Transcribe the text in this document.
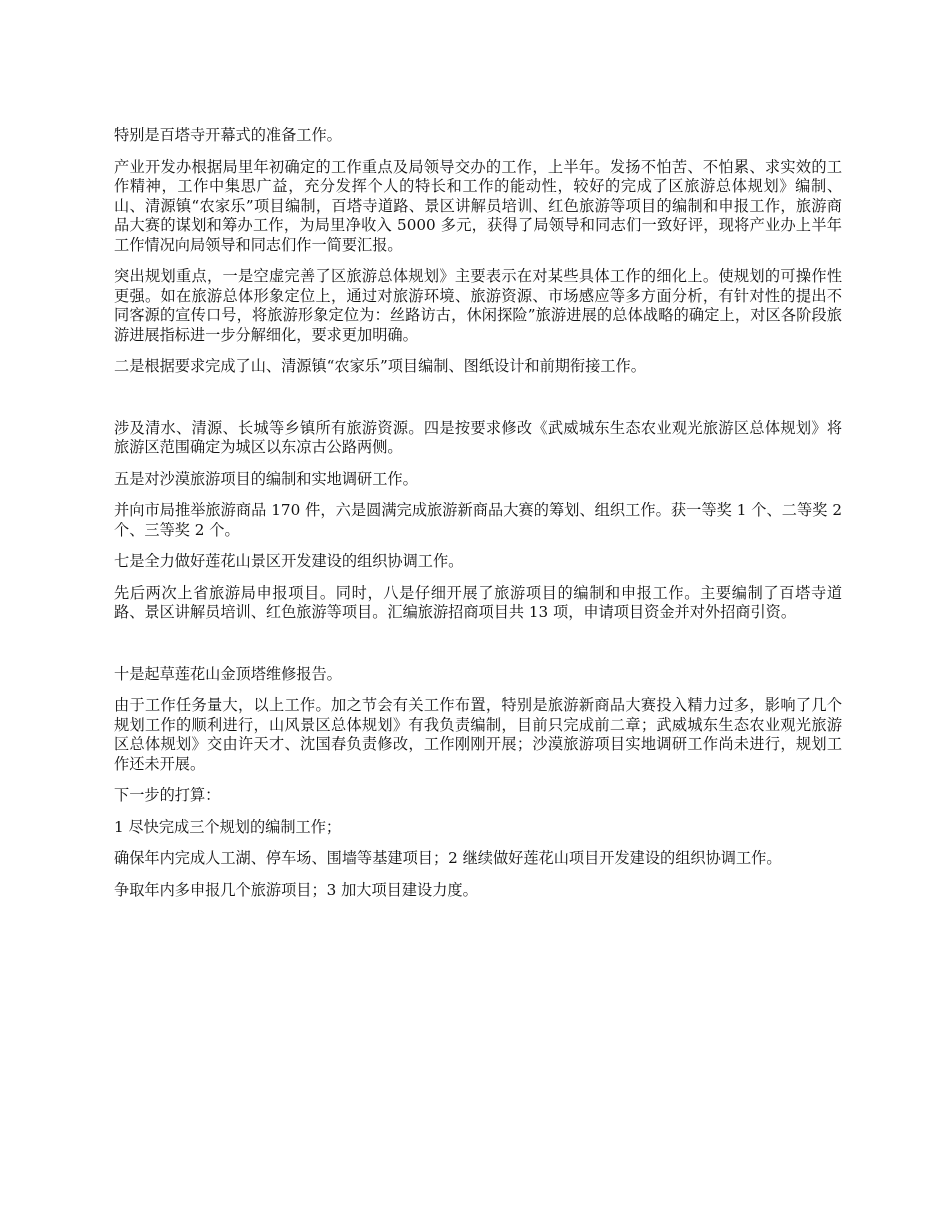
特别是百塔寺开幕式的准备工作。

产业开发办根据局里年初确定的工作重点及局领导交办的工作，上半年。发扬不怕苦、不怕累、求实效的工作精神，工作中集思广益，充分发挥个人的特长和工作的能动性，较好的完成了区旅游总体规划》编制、山、清源镇“农家乐”项目编制，百塔寺道路、景区讲解员培训、红色旅游等项目的编制和申报工作，旅游商品大赛的谋划和筹办工作，为局里净收入 5000 多元，获得了局领导和同志们一致好评，现将产业办上半年工作情况向局领导和同志们作一简要汇报。

突出规划重点，一是空虚完善了区旅游总体规划》主要表示在对某些具体工作的细化上。使规划的可操作性更强。如在旅游总体形象定位上，通过对旅游环境、旅游资源、市场感应等多方面分析，有针对性的提出不同客源的宣传口号，将旅游形象定位为：丝路访古，休闲探险”旅游进展的总体战略的确定上，对区各阶段旅游进展指标进一步分解细化，要求更加明确。

二是根据要求完成了山、清源镇“农家乐”项目编制、图纸设计和前期衔接工作。

涉及清水、清源、长城等乡镇所有旅游资源。四是按要求修改《武威城东生态农业观光旅游区总体规划》将旅游区范围确定为城区以东凉古公路两侧。

五是对沙漠旅游项目的编制和实地调研工作。

并向市局推举旅游商品 170 件，六是圆满完成旅游新商品大赛的筹划、组织工作。获一等奖 1 个、二等奖 2 个、三等奖 2 个。

七是全力做好莲花山景区开发建设的组织协调工作。

先后两次上省旅游局申报项目。同时，八是仔细开展了旅游项目的编制和申报工作。主要编制了百塔寺道路、景区讲解员培训、红色旅游等项目。汇编旅游招商项目共 13 项，申请项目资金并对外招商引资。

十是起草莲花山金顶塔维修报告。

由于工作任务量大，以上工作。加之节会有关工作布置，特别是旅游新商品大赛投入精力过多，影响了几个规划工作的顺利进行，山风景区总体规划》有我负责编制，目前只完成前二章；武威城东生态农业观光旅游区总体规划》交由许天才、沈国春负责修改，工作刚刚开展；沙漠旅游项目实地调研工作尚未进行，规划工作还未开展。

下一步的打算：

1 尽快完成三个规划的编制工作；

确保年内完成人工湖、停车场、围墙等基建项目；2 继续做好莲花山项目开发建设的组织协调工作。

争取年内多申报几个旅游项目；3 加大项目建设力度。
